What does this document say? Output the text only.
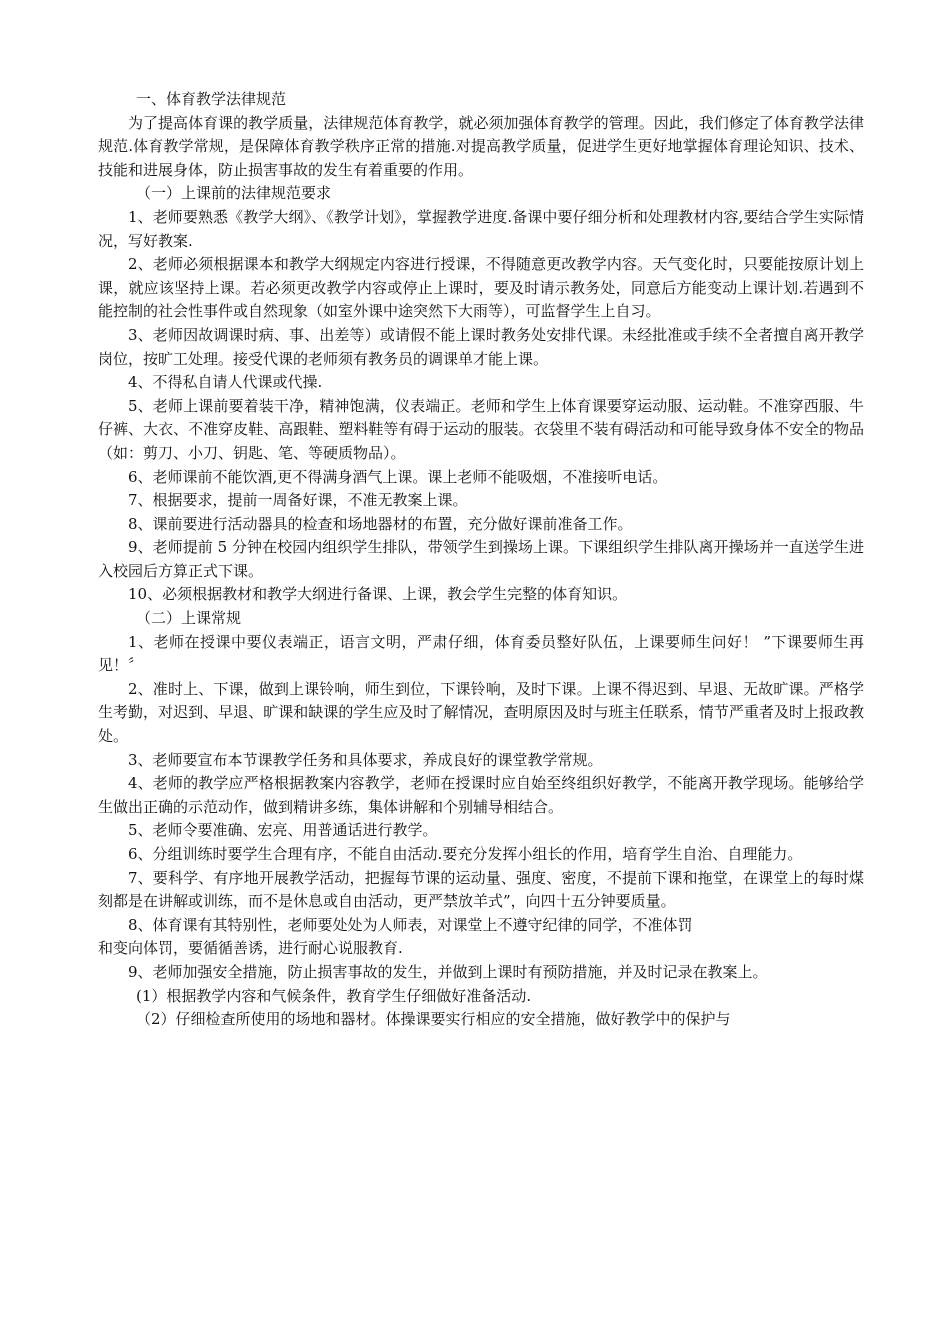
一、体育教学法律规范

为了提高体育课的教学质量，法律规范体育教学，就必须加强体育教学的管理。因此，我们修定了体育教学法律规范.体育教学常规，是保障体育教学秩序正常的措施.对提高教学质量，促进学生更好地掌握体育理论知识、技术、技能和进展身体，防止损害事故的发生有着重要的作用。

（一）上课前的法律规范要求

1、老师要熟悉《教学大纲》、《教学计划》，掌握教学进度.备课中要仔细分析和处理教材内容,要结合学生实际情况，写好教案.

2、老师必须根据课本和教学大纲规定内容进行授课，不得随意更改教学内容。天气变化时，只要能按原计划上课，就应该坚持上课。若必须更改教学内容或停止上课时，要及时请示教务处，同意后方能变动上课计划.若遇到不能控制的社会性事件或自然现象（如室外课中途突然下大雨等），可监督学生上自习。

3、老师因故调课时病、事、出差等）或请假不能上课时教务处安排代课。未经批准或手续不全者擅自离开教学岗位，按旷工处理。接受代课的老师须有教务员的调课单才能上课。

4、不得私自请人代课或代操.

5、老师上课前要着装干净，精神饱满，仪表端正。老师和学生上体育课要穿运动服、运动鞋。不准穿西服、牛仔裤、大衣、不准穿皮鞋、高跟鞋、塑料鞋等有碍于运动的服装。衣袋里不装有碍活动和可能导致身体不安全的物品（如：剪刀、小刀、钥匙、笔、等硬质物品）。

6、老师课前不能饮酒,更不得满身酒气上课。课上老师不能吸烟，不准接听电话。

7、根据要求，提前一周备好课，不准无教案上课。

8、课前要进行活动器具的检查和场地器材的布置，充分做好课前准备工作。

9、老师提前 5 分钟在校园内组织学生排队，带领学生到操场上课。下课组织学生排队离开操场并一直送学生进入校园后方算正式下课。

10、必须根据教材和教学大纲进行备课、上课，教会学生完整的体育知识。

（二）上课常规

1、老师在授课中要仪表端正，语言文明，严肃仔细，体育委员整好队伍，上课要师生问好！ ”下课要师生再见！〞

2、准时上、下课，做到上课铃响，师生到位，下课铃响，及时下课。上课不得迟到、早退、无故旷课。严格学生考勤，对迟到、早退、旷课和缺课的学生应及时了解情况，查明原因及时与班主任联系，情节严重者及时上报政教处。

3、老师要宣布本节课教学任务和具体要求，养成良好的课堂教学常规。

4、老师的教学应严格根据教案内容教学，老师在授课时应自始至终组织好教学，不能离开教学现场。能够给学生做出正确的示范动作，做到精讲多练，集体讲解和个别辅导相结合。

5、老师令要准确、宏亮、用普通话进行教学。

6、分组训练时要学生合理有序，不能自由活动.要充分发挥小组长的作用，培育学生自治、自理能力。

7、要科学、有序地开展教学活动，把握每节课的运动量、强度、密度，不提前下课和拖堂，在课堂上的每时煤刻都是在讲解或训练，而不是休息或自由活动，更严禁放羊式”，向四十五分钟要质量。

8、体育课有其特别性，老师要处处为人师表，对课堂上不遵守纪律的同学，不准体罚

和变向体罚，要循循善诱，进行耐心说服教育.

9、老师加强安全措施，防止损害事故的发生，并做到上课时有预防措施，并及时记录在教案上。

(1）根据教学内容和气候条件，教育学生仔细做好准备活动.

（2）仔细检查所使用的场地和器材。体操课要实行相应的安全措施，做好教学中的保护与
